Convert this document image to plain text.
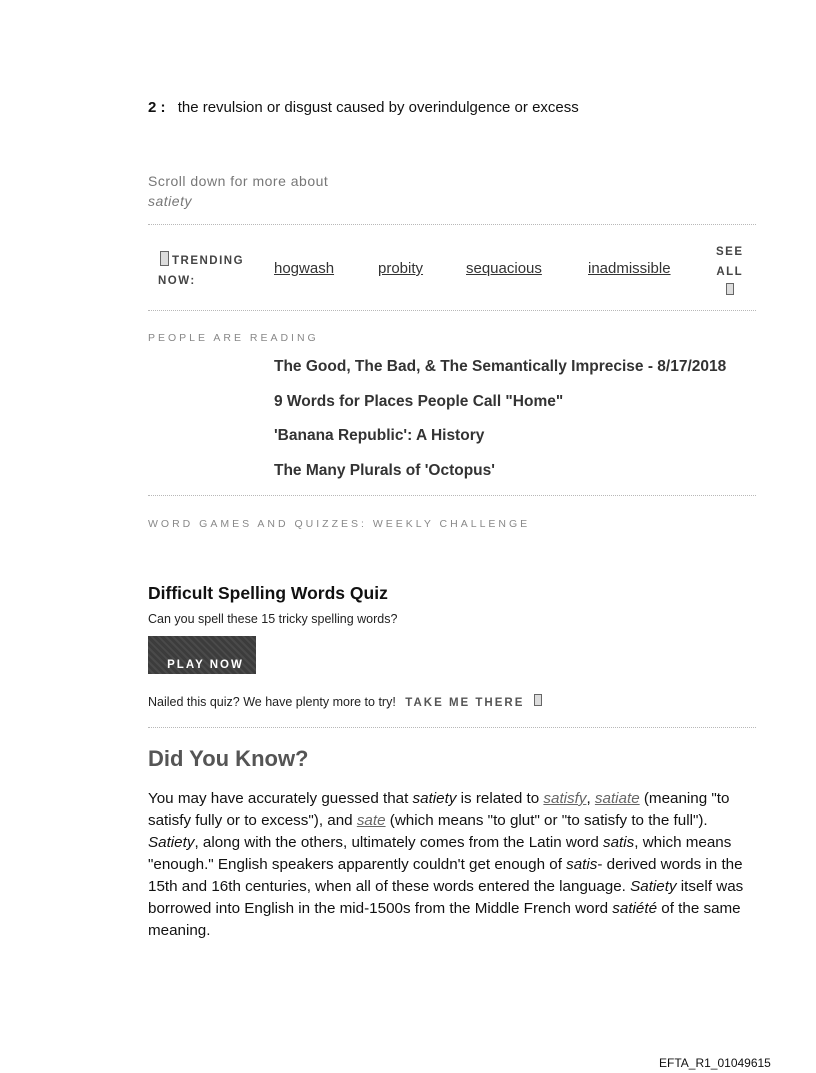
2 : the revulsion or disgust caused by overindulgence or excess
Scroll down for more about
satiety
TRENDING
NOW:
hogwash	probity	sequacious	inadmissible
SEE
ALL
PEOPLE ARE READING
The Good, The Bad, & The Semantically Imprecise - 8/17/2018
9 Words for Places People Call "Home"
'Banana Republic': A History
The Many Plurals of 'Octopus'
WORD GAMES AND QUIZZES: WEEKLY CHALLENGE
Difficult Spelling Words Quiz
Can you spell these 15 tricky spelling words?
PLAY NOW
Nailed this quiz? We have plenty more to try! TAKE ME THERE
Did You Know?
You may have accurately guessed that satiety is related to satisfy, satiate (meaning "to satisfy fully or to excess"), and sate (which means "to glut" or "to satisfy to the full"). Satiety, along with the others, ultimately comes from the Latin word satis, which means "enough." English speakers apparently couldn't get enough of satis- derived words in the 15th and 16th centuries, when all of these words entered the language. Satiety itself was borrowed into English in the mid-1500s from the Middle French word satiété of the same meaning.
EFTA_R1_01049615
